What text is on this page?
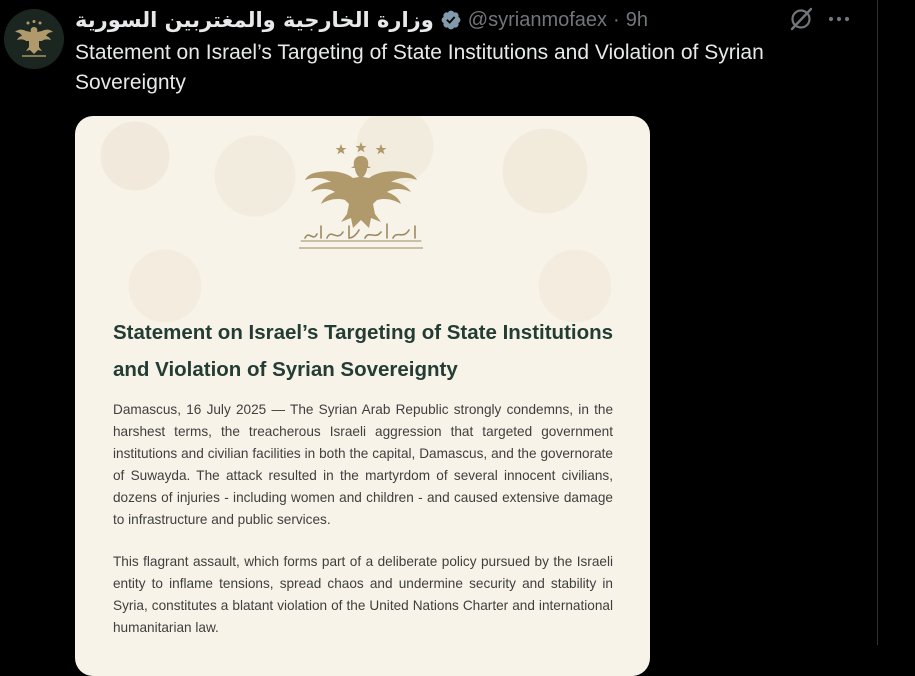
وزارة الخارجية والمغتربين السورية @syrianmofaex · 9h
Statement on Israel’s Targeting of State Institutions and Violation of Syrian Sovereignty
Statement on Israel’s Targeting of State Institutions and Violation of Syrian Sovereignty
Damascus, 16 July 2025 — The Syrian Arab Republic strongly condemns, in the harshest terms, the treacherous Israeli aggression that targeted government institutions and civilian facilities in both the capital, Damascus, and the governorate of Suwayda. The attack resulted in the martyrdom of several innocent civilians, dozens of injuries - including women and children - and caused extensive damage to infrastructure and public services.
This flagrant assault, which forms part of a deliberate policy pursued by the Israeli entity to inflame tensions, spread chaos and undermine security and stability in Syria, constitutes a blatant violation of the United Nations Charter and international humanitarian law.
